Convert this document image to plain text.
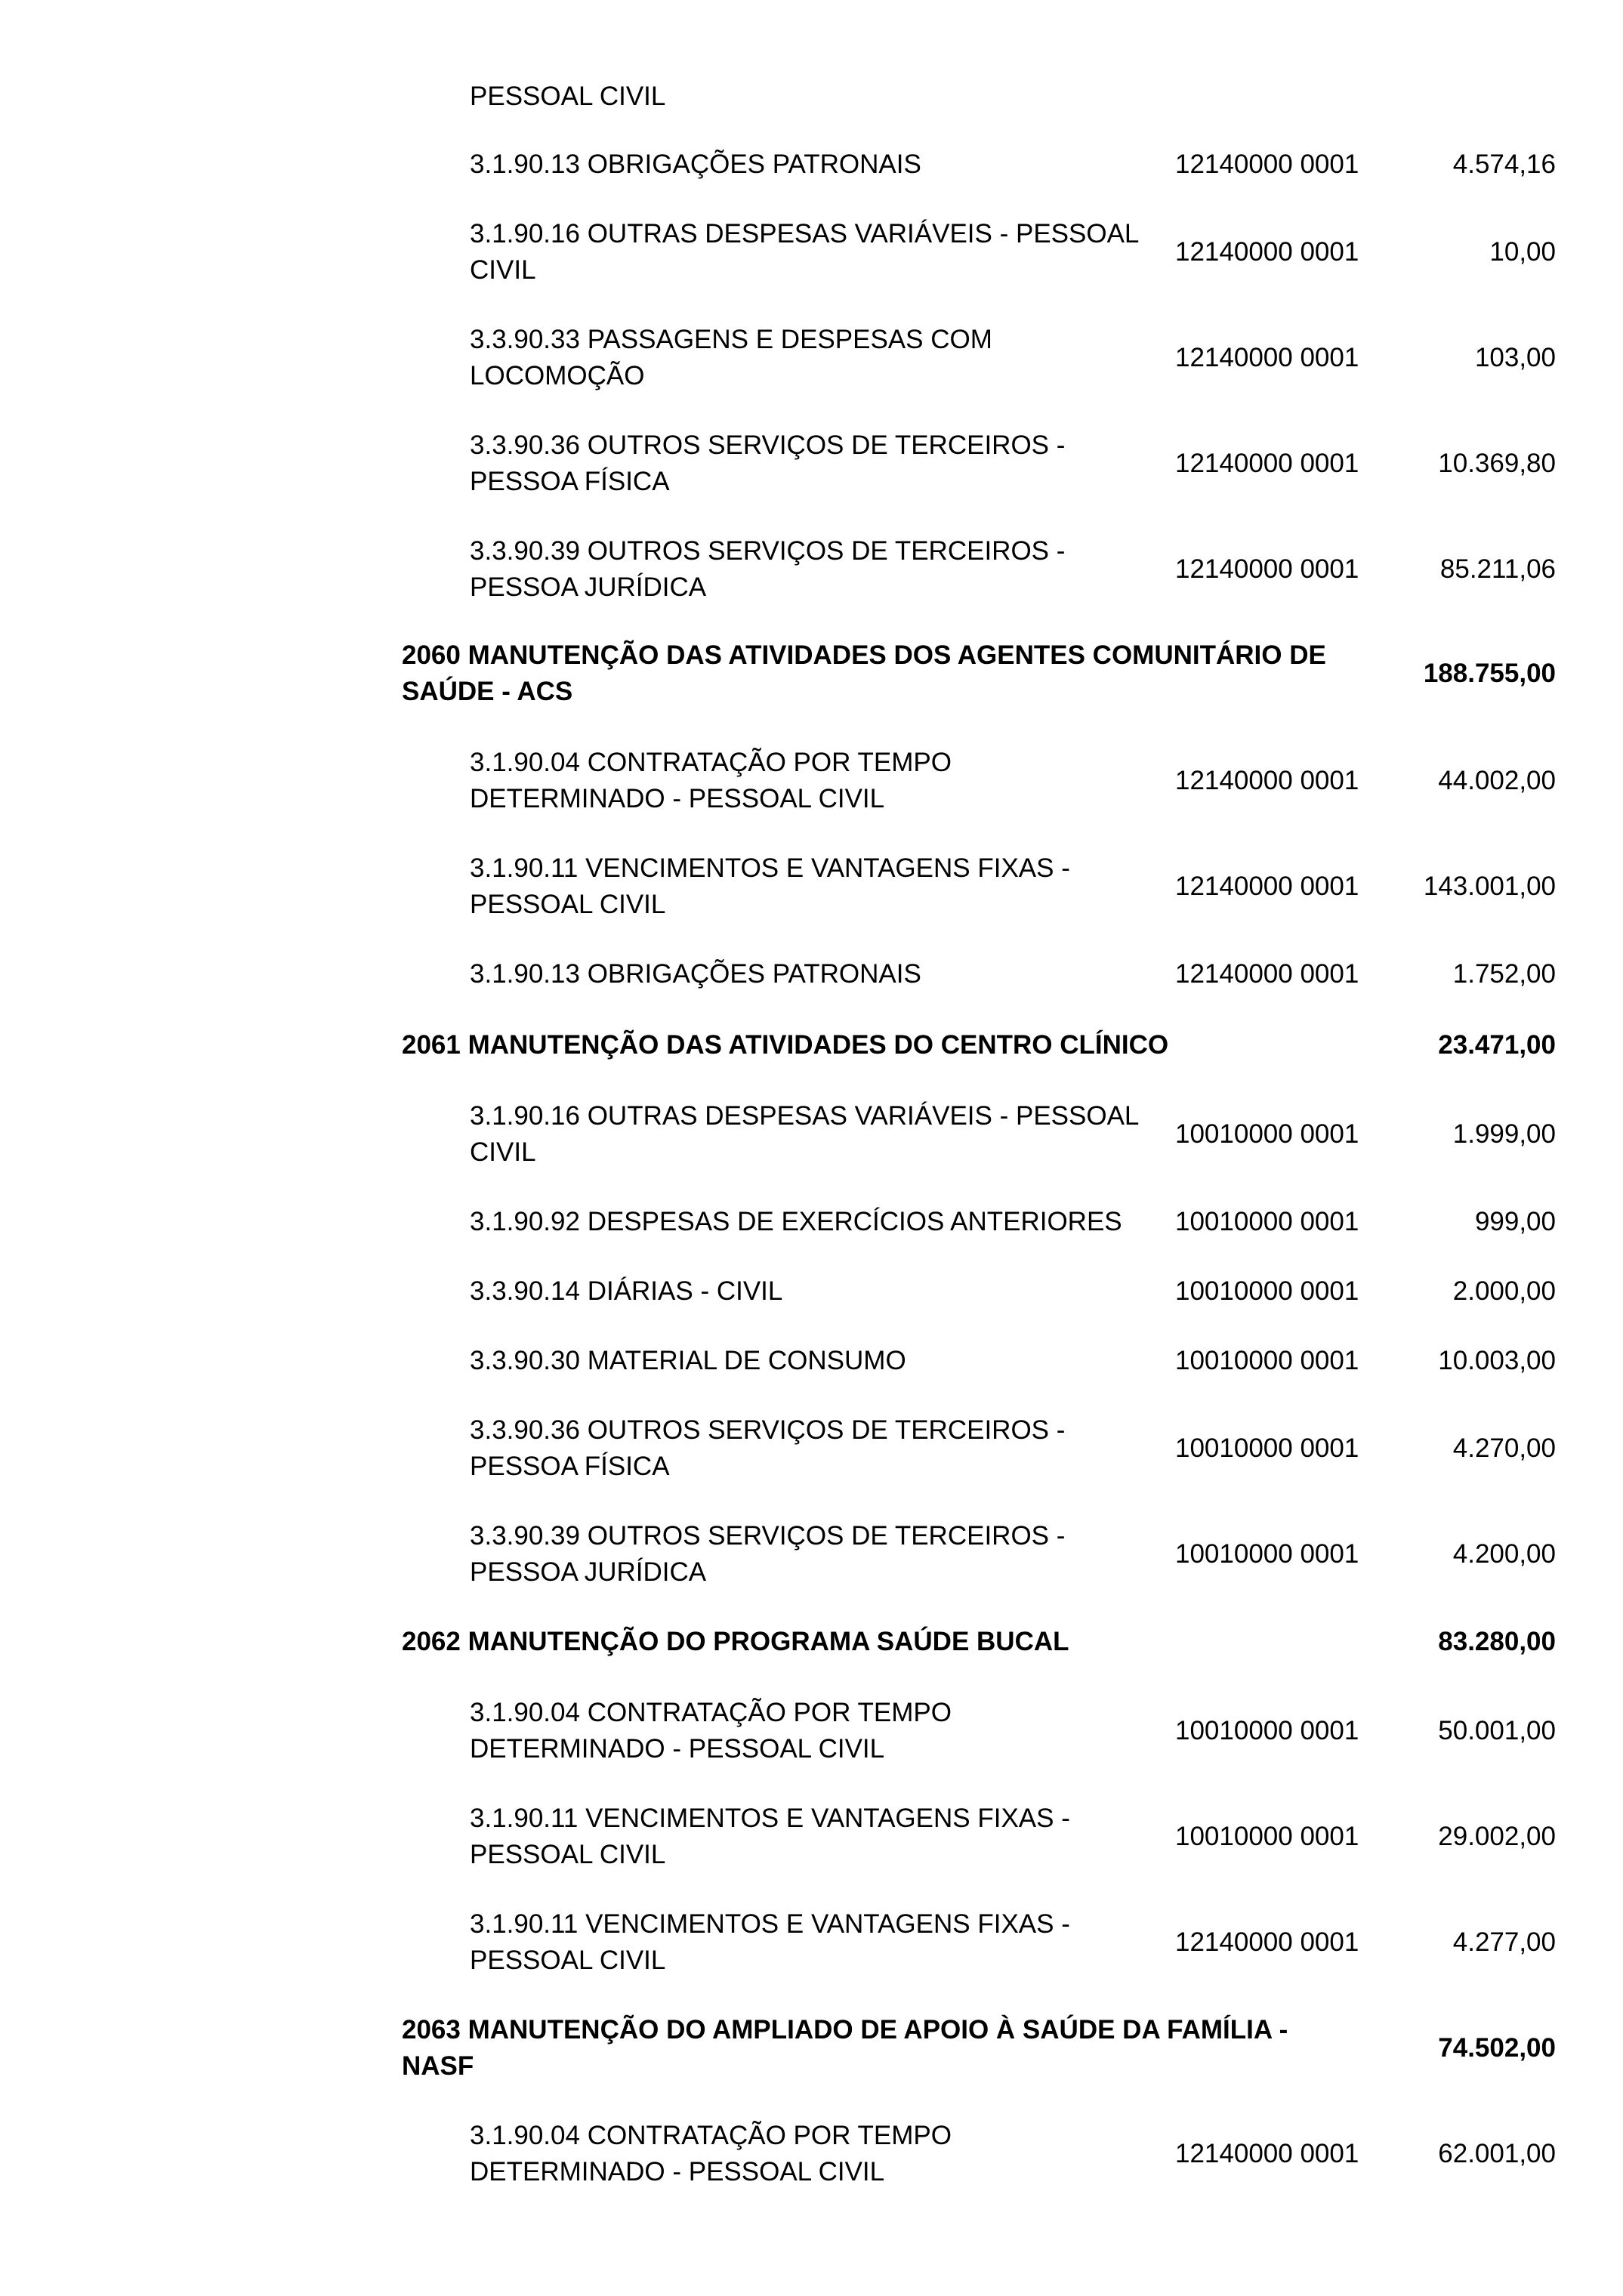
PESSOAL CIVIL
3.1.90.13 OBRIGAÇÕES PATRONAIS	12140000 0001	4.574,16
3.1.90.16 OUTRAS DESPESAS VARIÁVEIS - PESSOAL
CIVIL
12140000 0001	10,00
3.3.90.33 PASSAGENS E DESPESAS COM
LOCOMOÇÃO
12140000 0001	103,00
3.3.90.36 OUTROS SERVIÇOS DE TERCEIROS -
PESSOA FÍSICA
12140000 0001	10.369,80
3.3.90.39 OUTROS SERVIÇOS DE TERCEIROS -
PESSOA JURÍDICA
12140000 0001	85.211,06
2060 MANUTENÇÃO DAS ATIVIDADES DOS AGENTES COMUNITÁRIO DE
SAÚDE - ACS
188.755,00
3.1.90.04 CONTRATAÇÃO POR TEMPO
DETERMINADO - PESSOAL CIVIL
12140000 0001	44.002,00
3.1.90.11 VENCIMENTOS E VANTAGENS FIXAS -
PESSOAL CIVIL
12140000 0001	143.001,00
3.1.90.13 OBRIGAÇÕES PATRONAIS	12140000 0001	1.752,00
2061 MANUTENÇÃO DAS ATIVIDADES DO CENTRO CLÍNICO	23.471,00
3.1.90.16 OUTRAS DESPESAS VARIÁVEIS - PESSOAL
CIVIL
10010000 0001	1.999,00
3.1.90.92 DESPESAS DE EXERCÍCIOS ANTERIORES	10010000 0001	999,00
3.3.90.14 DIÁRIAS - CIVIL	10010000 0001	2.000,00
3.3.90.30 MATERIAL DE CONSUMO	10010000 0001	10.003,00
3.3.90.36 OUTROS SERVIÇOS DE TERCEIROS -
PESSOA FÍSICA
10010000 0001	4.270,00
3.3.90.39 OUTROS SERVIÇOS DE TERCEIROS -
PESSOA JURÍDICA
10010000 0001	4.200,00
2062 MANUTENÇÃO DO PROGRAMA SAÚDE BUCAL	83.280,00
3.1.90.04 CONTRATAÇÃO POR TEMPO
DETERMINADO - PESSOAL CIVIL
10010000 0001	50.001,00
3.1.90.11 VENCIMENTOS E VANTAGENS FIXAS -
PESSOAL CIVIL
10010000 0001	29.002,00
3.1.90.11 VENCIMENTOS E VANTAGENS FIXAS -
PESSOAL CIVIL
12140000 0001	4.277,00
2063 MANUTENÇÃO DO AMPLIADO DE APOIO À SAÚDE DA FAMÍLIA -
NASF
74.502,00
3.1.90.04 CONTRATAÇÃO POR TEMPO
DETERMINADO - PESSOAL CIVIL
12140000 0001	62.001,00
